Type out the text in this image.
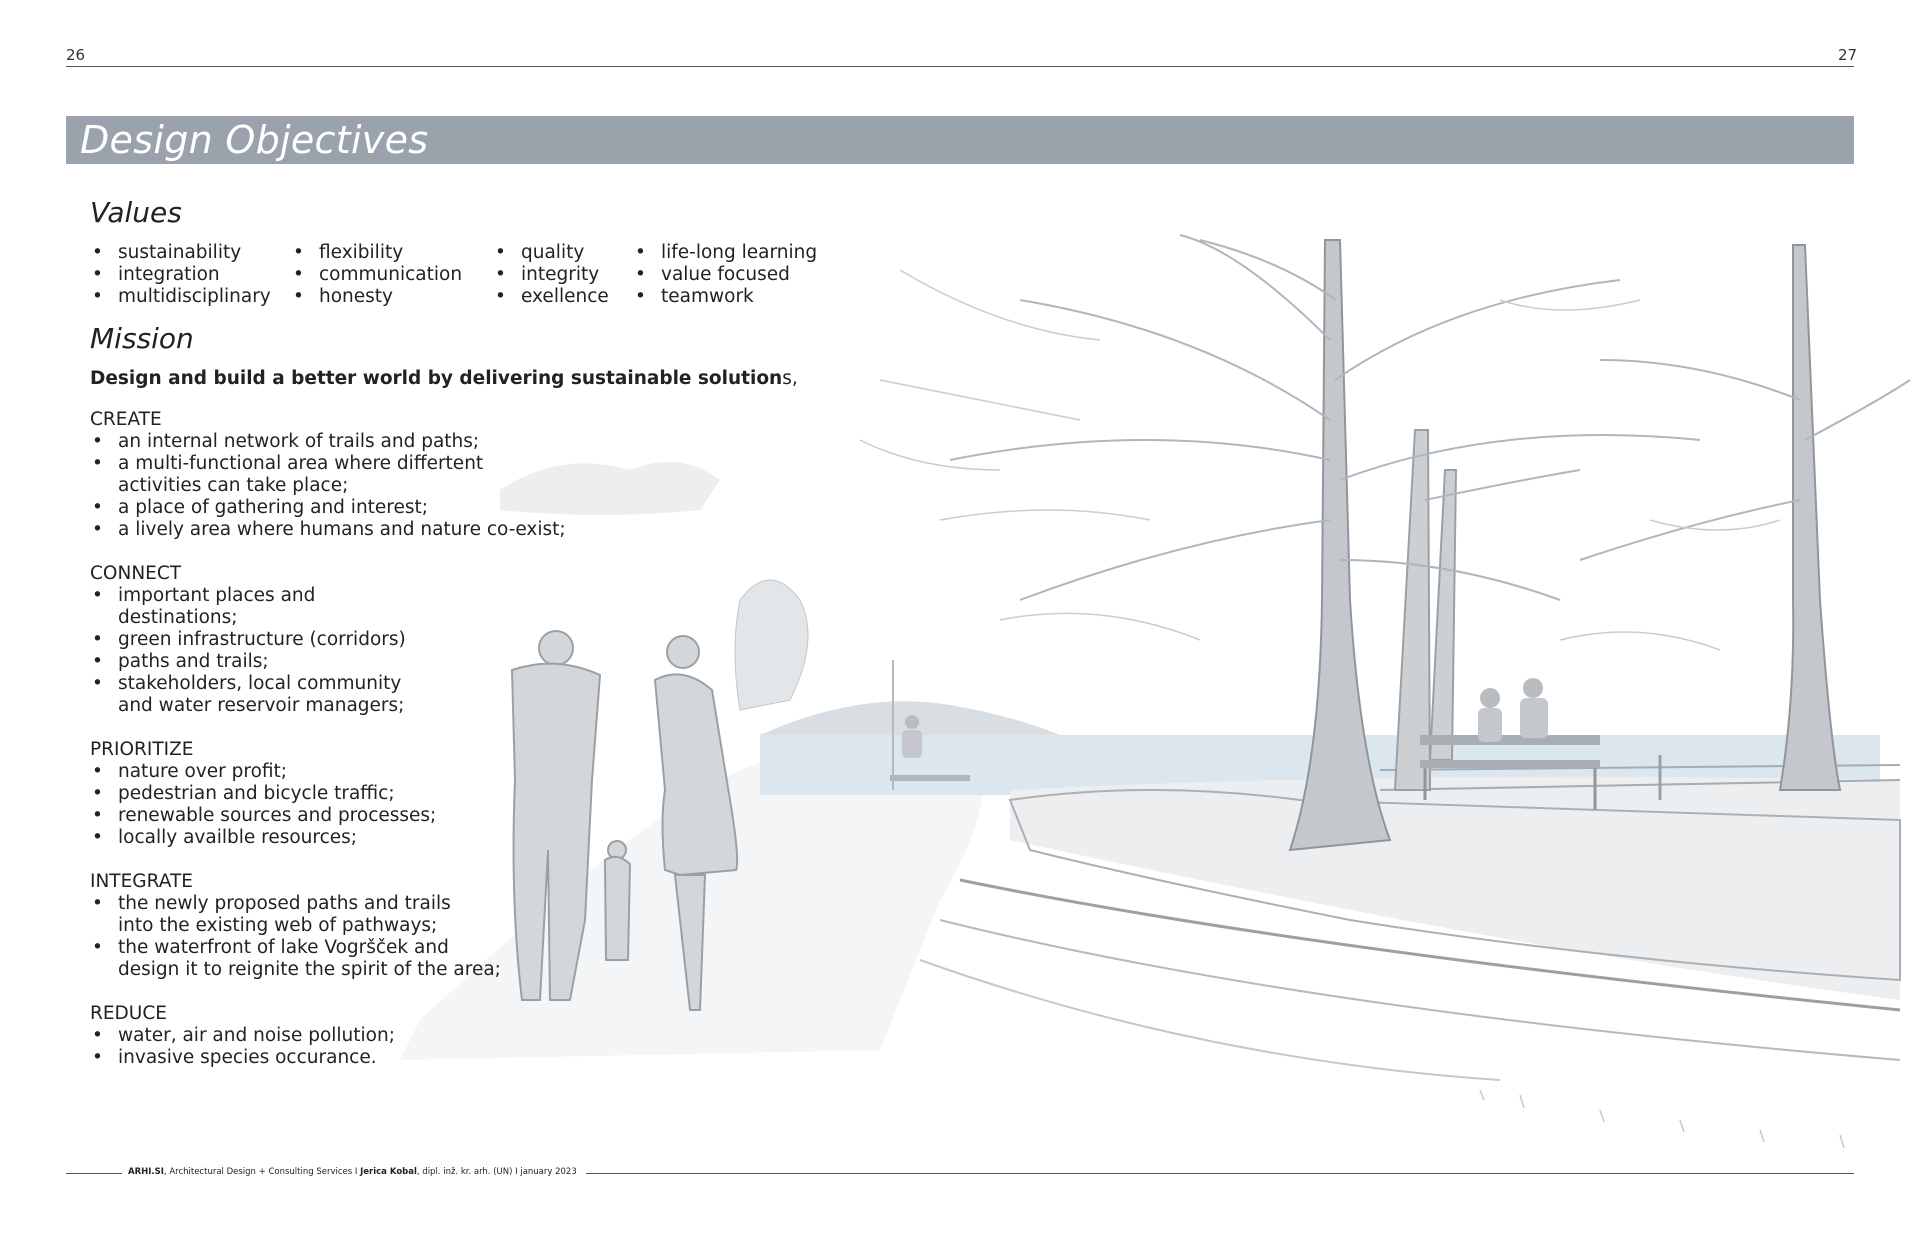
26	27
Design Objectives
Values
• sustainability
• integration
• multidisciplinary
• flexibility
• communication
• honesty
• quality
• integrity
• exellence
• life-long learning
• value focused
• teamwork
Mission
Design and build a better world by delivering sustainable solutions,
CREATE
• an internal network of trails and paths;
• a multi-functional area where differtent activities can take place;
• a place of gathering and interest;
• a lively area where humans and nature co-exist;
CONNECT
• important places and destinations;
• green infrastructure (corridors)
• paths and trails;
• stakeholders, local community and water reservoir managers;
PRIORITIZE
• nature over profit;
• pedestrian and bicycle traffic;
• renewable sources and processes;
• locally availble resources;
INTEGRATE
• the newly proposed paths and trails into the existing web of pathways;
• the waterfront of lake Vogršček and design it to reignite the spirit of the area;
REDUCE
• water, air and noise pollution;
• invasive species occurance.
ARHI.SI, Architectural Design + Consulting Services I Jerica Kobal, dipl. inž. kr. arh. (UN) I january 2023
